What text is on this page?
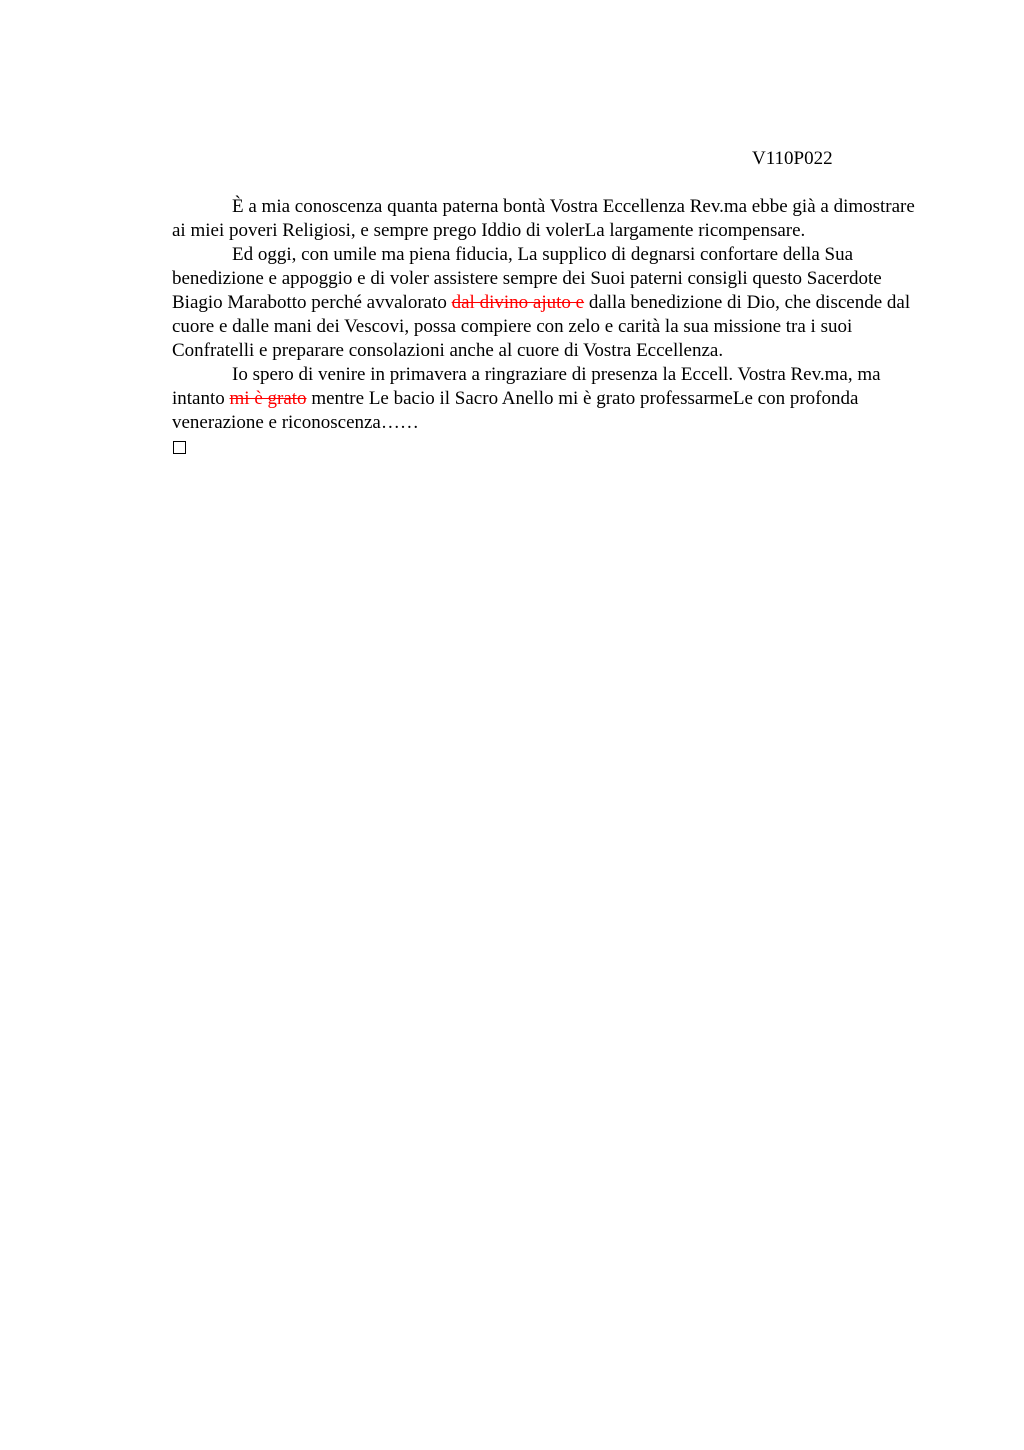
V110P022

È a mia conoscenza quanta paterna bontà Vostra Eccellenza Rev.ma ebbe già a dimostrare ai miei poveri Religiosi, e sempre prego Iddio di volerLa largamente ricompensare.

Ed oggi, con umile ma piena fiducia, La supplico di degnarsi confortare della Sua benedizione e appoggio e di voler assistere sempre dei Suoi paterni consigli questo Sacerdote Biagio Marabotto perché avvalorato dal divino ajuto e dalla benedizione di Dio, che discende dal cuore e dalle mani dei Vescovi, possa compiere con zelo e carità la sua missione tra i suoi Confratelli e preparare consolazioni anche al cuore di Vostra Eccellenza.

Io spero di venire in primavera a ringraziare di presenza la Eccell. Vostra Rev.ma, ma intanto mi è grato mentre Le bacio il Sacro Anello mi è grato professarmeLe con profonda venerazione e riconoscenza……
